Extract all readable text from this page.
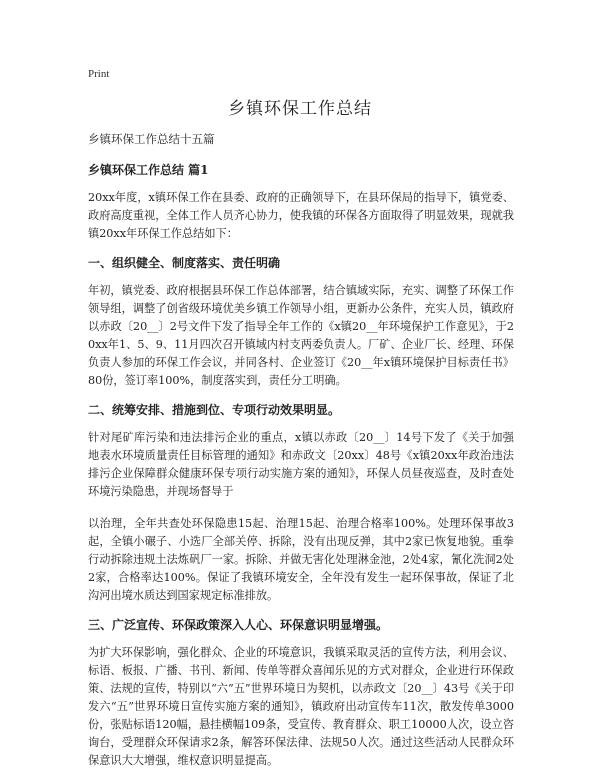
Print
乡镇环保工作总结
乡镇环保工作总结十五篇
乡镇环保工作总结 篇1

20xx年度，x镇环保工作在县委、政府的正确领导下，在县环保局的指导下，镇党委、政府高度重视，全体工作人员齐心协力，使我镇的环保各方面取得了明显效果，现就我镇20xx年环保工作总结如下：

一、组织健全、制度落实、责任明确

年初，镇党委、政府根据县环保工作总体部署，结合镇域实际，充实、调整了环保工作领导组，调整了创省级环境优美乡镇工作领导小组，更新办公条件，充实人员，镇政府以赤政〔20__〕2号文件下发了指导全年工作的《x镇20__年环境保护工作意见》，于20xx年1、5、9、11月四次召开镇域内村支两委负责人。厂矿、企业厂长、经理、环保负责人参加的环保工作会议，并同各村、企业签订《20__年x镇环境保护目标责任书》80份，签订率100%，制度落实到，责任分工明确。

二、统筹安排、措施到位、专项行动效果明显。

针对尾矿库污染和违法排污企业的重点，x镇以赤政〔20__〕14号下发了《关于加强地表水环境质量责任目标管理的通知》和赤政文〔20xx〕48号《x镇20xx年政治违法排污企业保障群众健康环保专项行动实施方案的通知》，环保人员昼夜巡查，及时查处环境污染隐患，并现场督导于

以治理，全年共查处环保隐患15起、治理15起、治理合格率100%。处理环保事故3起，全镇小碾子、小选厂全部关停、拆除，没有出现反弹，其中2家已恢复地貌。重拳行动拆除违规土法炼矾厂一家。拆除、并做无害化处理淋金池，2处4家，氰化洗洞2处2家，合格率达100%。保证了我镇环境安全，全年没有发生一起环保事故，保证了北沟河出境水质达到国家规定标准排放。

三、广泛宣传、环保政策深入人心、环保意识明显增强。

为扩大环保影响，强化群众、企业的环境意识，我镇采取灵活的宣传方法，利用会议、标语、板报、广播、书刊、新闻、传单等群众喜闻乐见的方式对群众，企业进行环保政策、法规的宣传，特别以“六”五”世界环境日为契机，以赤政文〔20__〕43号《关于印发六“五”世界环境日宣传实施方案的通知》，镇政府出动宣传车11次，散发传单3000份，张贴标语120幅，悬挂横幅109条，受宣传、教育群众、职工10000人次，设立咨询台，受理群众环保请求2条，解答环保法律、法规50人次。通过这些活动人民群众环保意识大大增强，维权意识明显提高。
